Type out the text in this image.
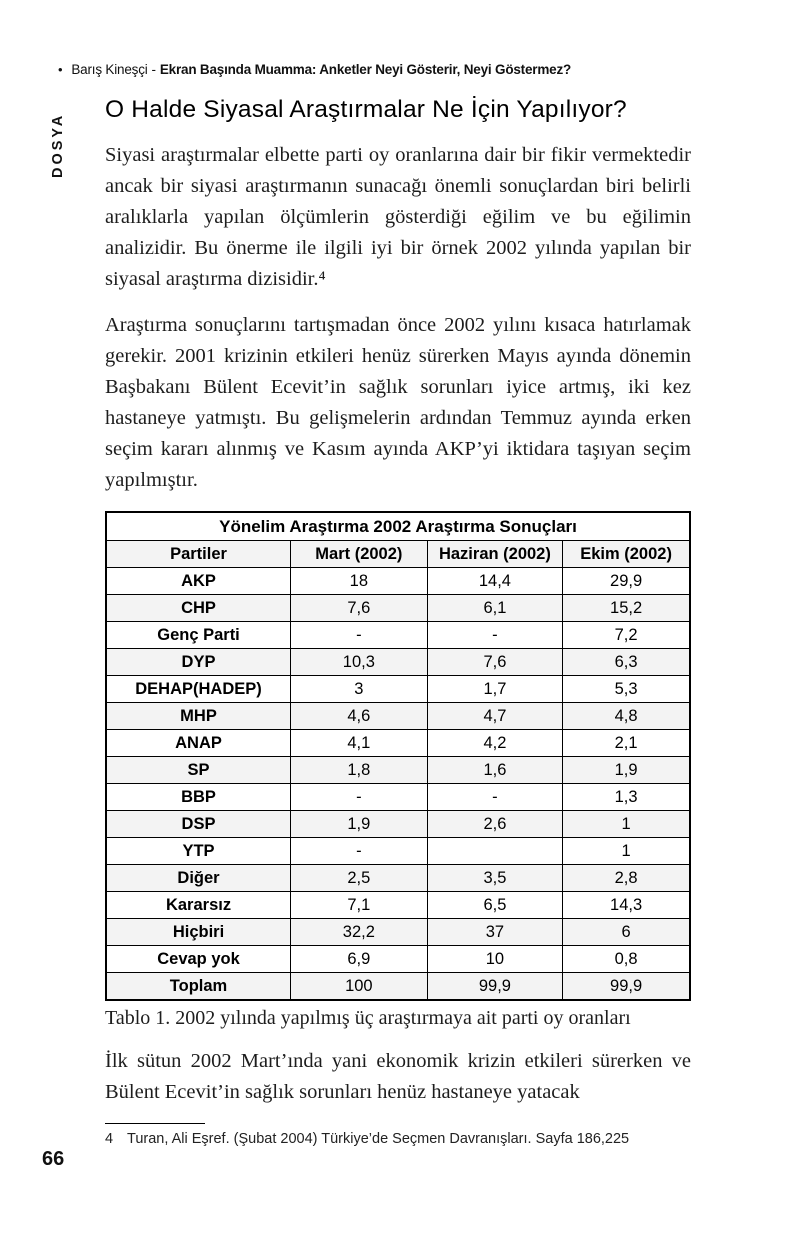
• Barış Kineşçi - Ekran Başında Muamma: Anketler Neyi Gösterir, Neyi Göstermez?
DOSYA
O Halde Siyasal Araştırmalar Ne İçin Yapılıyor?

Siyasi araştırmalar elbette parti oy oranlarına dair bir fikir vermektedir ancak bir siyasi araştırmanın sunacağı önemli sonuçlardan biri belirli aralıklarla yapılan ölçümlerin gösterdiği eğilim ve bu eğilimin analizidir. Bu önerme ile ilgili iyi bir örnek 2002 yılında yapılan bir siyasal araştırma dizisidir.⁴

Araştırma sonuçlarını tartışmadan önce 2002 yılını kısaca hatırlamak gerekir. 2001 krizinin etkileri henüz sürerken Mayıs ayında dönemin Başbakanı Bülent Ecevit’in sağlık sorunları iyice artmış, iki kez hastaneye yatmıştı. Bu gelişmelerin ardından Temmuz ayında erken seçim kararı alınmış ve Kasım ayında AKP’yi iktidara taşıyan seçim yapılmıştır.

Yönelim Araştırma 2002 Araştırma Sonuçları			
Partiler	Mart (2002)	Haziran (2002)	Ekim (2002)
AKP	18	14,4	29,9
CHP	7,6	6,1	15,2
Genç Parti	-	-	7,2
DYP	10,3	7,6	6,3
DEHAP(HADEP)	3	1,7	5,3
MHP	4,6	4,7	4,8
ANAP	4,1	4,2	2,1
SP	1,8	1,6	1,9
BBP	-	-	1,3
DSP	1,9	2,6	1
YTP	-		1
Diğer	2,5	3,5	2,8
Kararsız	7,1	6,5	14,3
Hiçbiri	32,2	37	6
Cevap yok	6,9	10	0,8
Toplam	100	99,9	99,9
Tablo 1. 2002 yılında yapılmış üç araştırmaya ait parti oy oranları

İlk sütun 2002 Mart’ında yani ekonomik krizin etkileri sürerken ve Bülent Ecevit’in sağlık sorunları henüz hastaneye yatacak

4 Turan, Ali Eşref. (Şubat 2004) Türkiye’de Seçmen Davranışları. Sayfa 186,225
66
